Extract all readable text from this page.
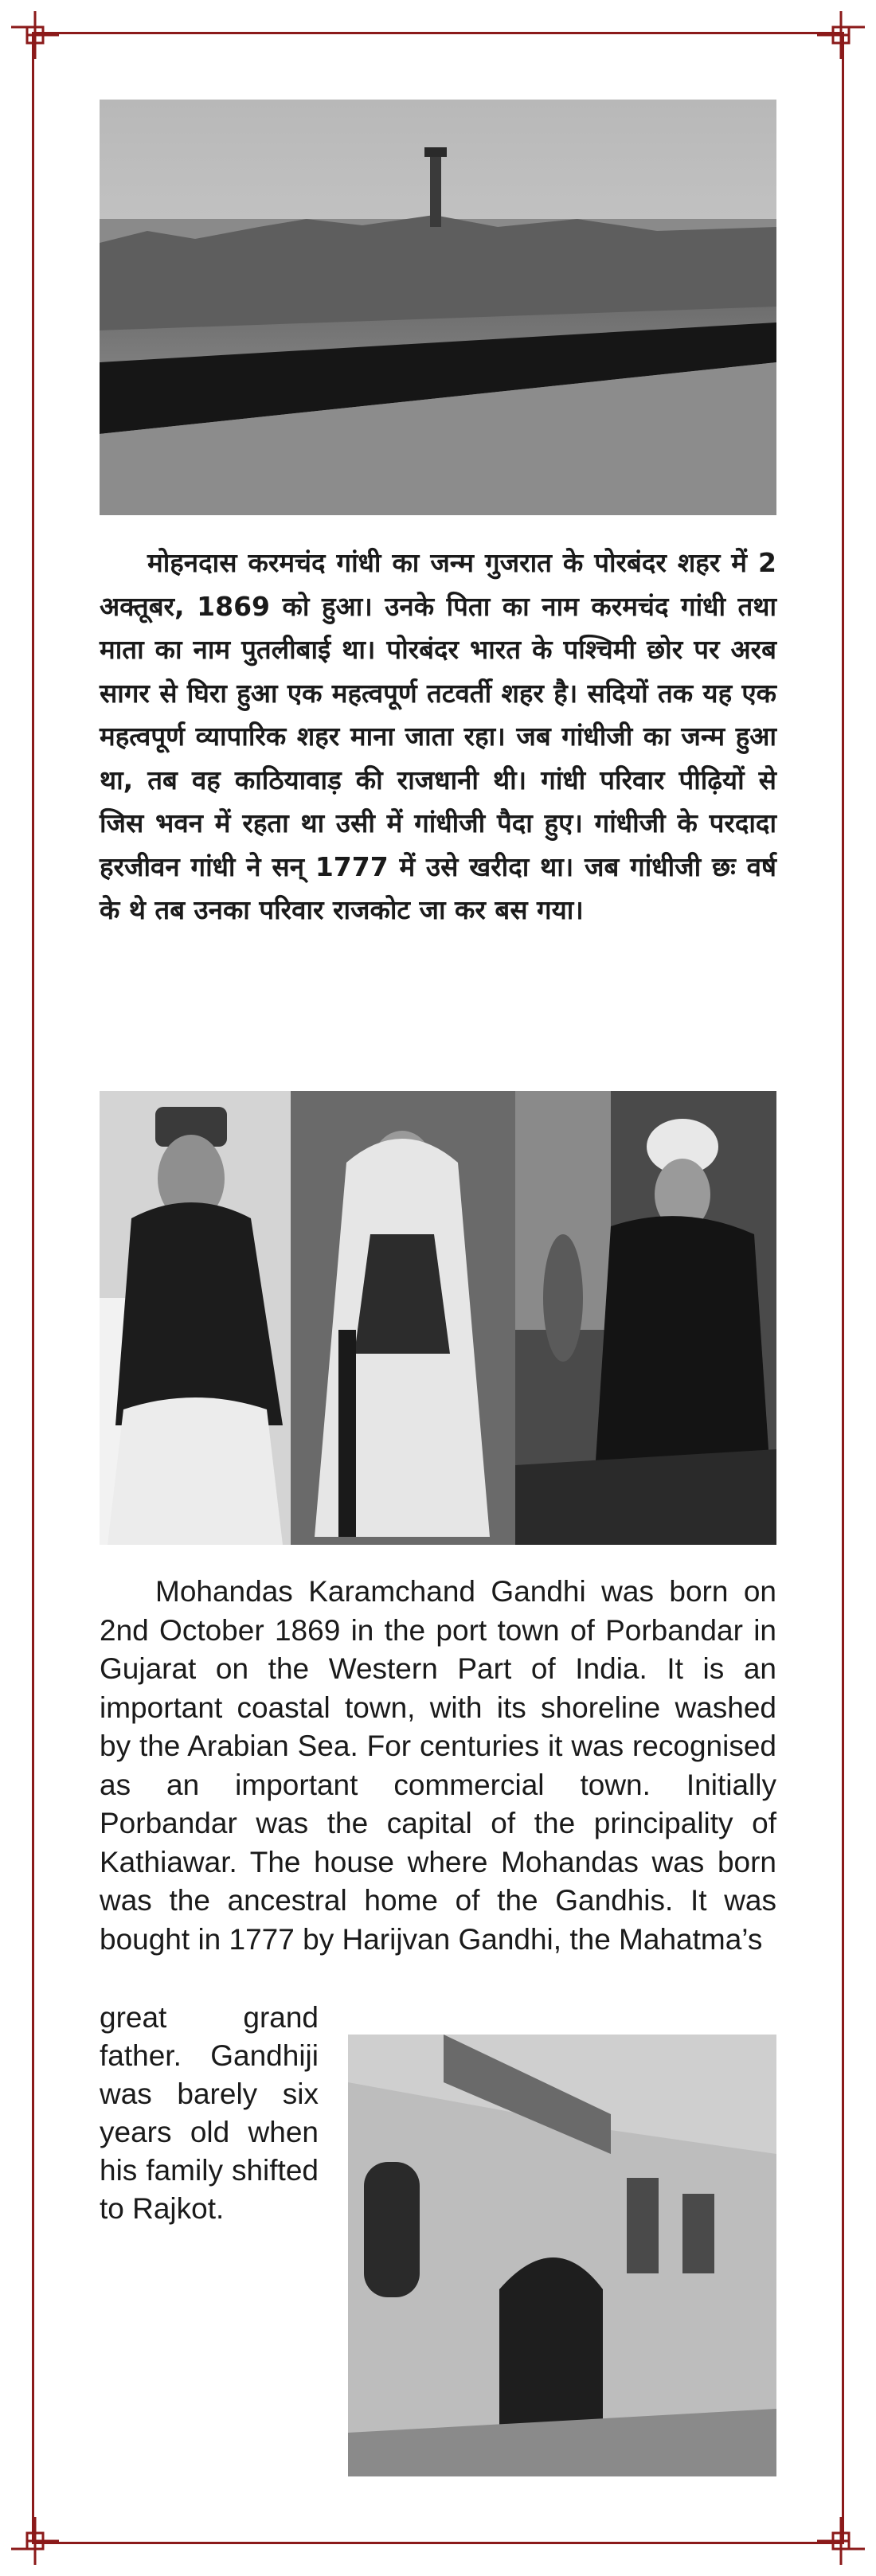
मोहनदास करमचंद गांधी का जन्म गुजरात के पोरबंदर शहर में 2 अक्तूबर, 1869 को हुआ। उनके पिता का नाम करमचंद गांधी तथा माता का नाम पुतलीबाई था। पोरबंदर भारत के पश्चिमी छोर पर अरब सागर से घिरा हुआ एक महत्वपूर्ण तटवर्ती शहर है। सदियों तक यह एक महत्वपूर्ण व्यापारिक शहर माना जाता रहा। जब गांधीजी का जन्म हुआ था, तब वह काठियावाड़ की राजधानी थी। गांधी परिवार पीढ़ियों से जिस भवन में रहता था उसी में गांधीजी पैदा हुए। गांधीजी के परदादा हरजीवन गांधी ने सन् 1777 में उसे खरीदा था। जब गांधीजी छः वर्ष के थे तब उनका परिवार राजकोट जा कर बस गया।

Mohandas Karamchand Gandhi was born on 2nd October 1869 in the port town of Porbandar in Gujarat on the Western Part of India. It is an important coastal town, with its shoreline washed by the Arabian Sea. For centuries it was recognised as an important commercial town. Initially Porbandar was the capital of the principality of Kathiawar. The house where Mohandas was born was the ancestral home of the Gandhis. It was bought in 1777 by Harijvan Gandhi, the Mahatma’s

great grand father. Gandhiji was barely six years old when his family shifted to Rajkot.
